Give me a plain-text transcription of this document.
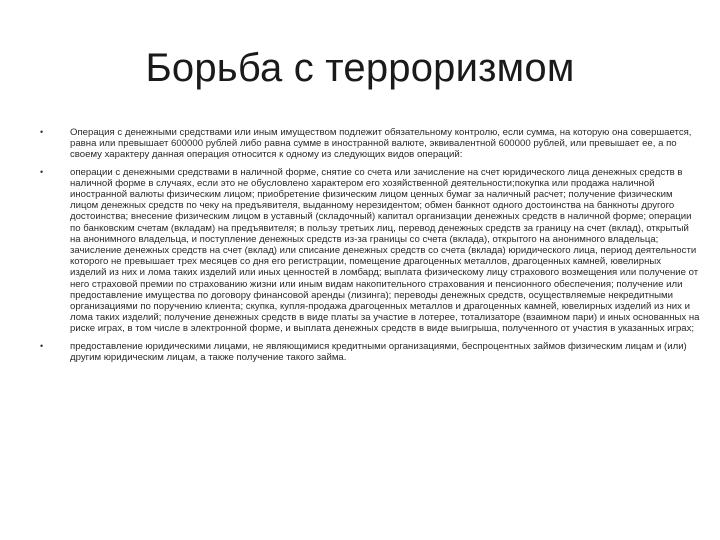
Борьба с терроризмом
•	Операция с денежными средствами или иным имуществом подлежит обязательному контролю, если сумма, на которую она совершается, равна или превышает 600000 рублей либо равна сумме в иностранной валюте, эквивалентной 600000 рублей, или превышает ее, а по своему характеру данная операция относится к одному из следующих видов операций:
•	операции с денежными средствами в наличной форме, снятие со счета или зачисление на счет юридического лица денежных средств в наличной форме в случаях, если это не обусловлено характером его хозяйственной деятельности;покупка или продажа наличной иностранной валюты физическим лицом; приобретение физическим лицом ценных бумаг за наличный расчет; получение физическим лицом денежных средств по чеку на предъявителя, выданному нерезидентом; обмен банкнот одного достоинства на банкноты другого достоинства; внесение физическим лицом в уставный (складочный) капитал организации денежных средств в наличной форме; операции по банковским счетам (вкладам) на предъявителя; в пользу третьих лиц, перевод денежных средств за границу на счет (вклад), открытый на анонимного владельца, и поступление денежных средств из-за границы со счета (вклада), открытого на анонимного владельца; зачисление денежных средств на счет (вклад) или списание денежных средств со счета (вклада) юридического лица, период деятельности которого не превышает трех месяцев со дня его регистрации, помещение драгоценных металлов, драгоценных камней, ювелирных изделий из них и лома таких изделий или иных ценностей в ломбард; выплата физическому лицу страхового возмещения или получение от него страховой премии по страхованию жизни или иным видам накопительного страхования и пенсионного обеспечения; получение или предоставление имущества по договору финансовой аренды (лизинга); переводы денежных средств, осуществляемые некредитными организациями по поручению клиента; скупка, купля-продажа драгоценных металлов и драгоценных камней, ювелирных изделий из них и лома таких изделий; получение денежных средств в виде платы за участие в лотерее, тотализаторе (взаимном пари) и иных основанных на риске играх, в том числе в электронной форме, и выплата денежных средств в виде выигрыша, полученного от участия в указанных играх;
•	предоставление юридическими лицами, не являющимися кредитными организациями, беспроцентных займов физическим лицам и (или) другим юридическим лицам, а также получение такого займа.
